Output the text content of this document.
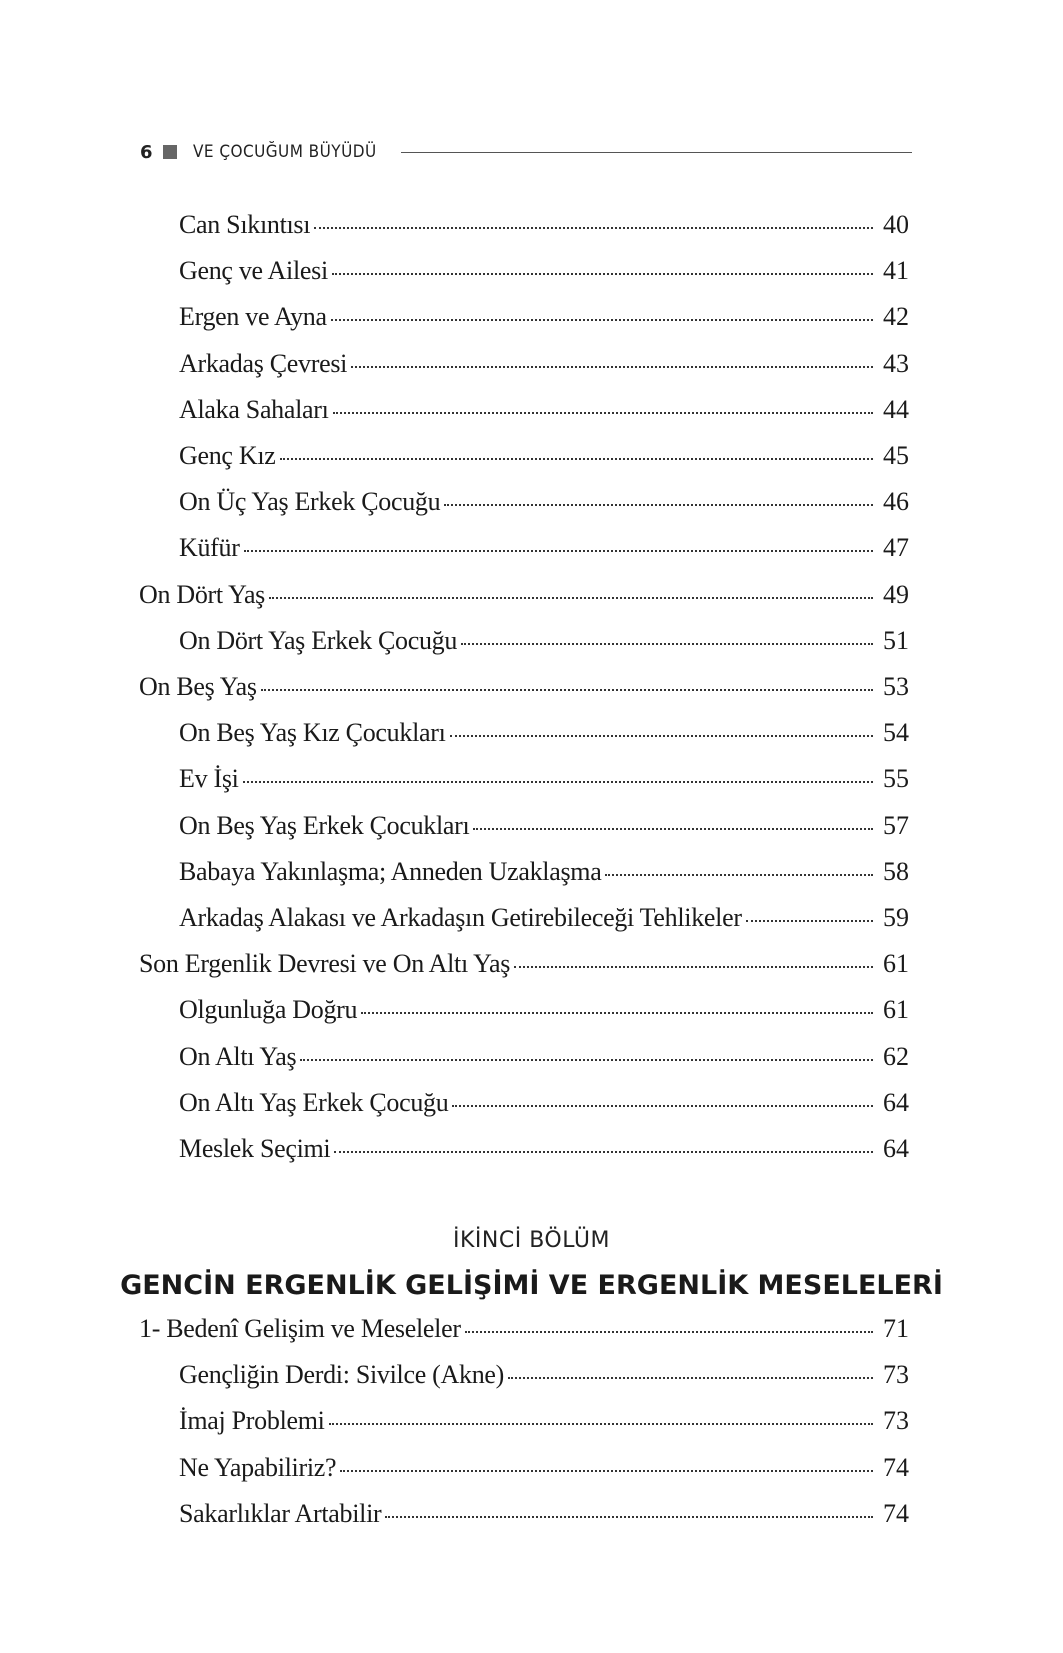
6 VE ÇOCUĞUM BÜYÜDÜ
Can Sıkıntısı	40
Genç ve Ailesi	41
Ergen ve Ayna	42
Arkadaş Çevresi	43
Alaka Sahaları	44
Genç Kız	45
On Üç Yaş Erkek Çocuğu	46
Küfür	47
On Dört Yaş	49
On Dört Yaş Erkek Çocuğu	51
On Beş Yaş	53
On Beş Yaş Kız Çocukları	54
Ev İşi	55
On Beş Yaş Erkek Çocukları	57
Babaya Yakınlaşma; Anneden Uzaklaşma	58
Arkadaş Alakası ve Arkadaşın Getirebileceği Tehlikeler	59
Son Ergenlik Devresi ve On Altı Yaş	61
Olgunluğa Doğru	61
On Altı Yaş	62
On Altı Yaş Erkek Çocuğu	64
Meslek Seçimi	64
1- Bedenî Gelişim ve Meseleler	71
Gençliğin Derdi: Sivilce (Akne)	73
İmaj Problemi	73
Ne Yapabiliriz?	74
Sakarlıklar Artabilir	74
İKİNCİ BÖLÜM
GENCİN ERGENLİK GELİŞİMİ VE ERGENLİK MESELELERİ
